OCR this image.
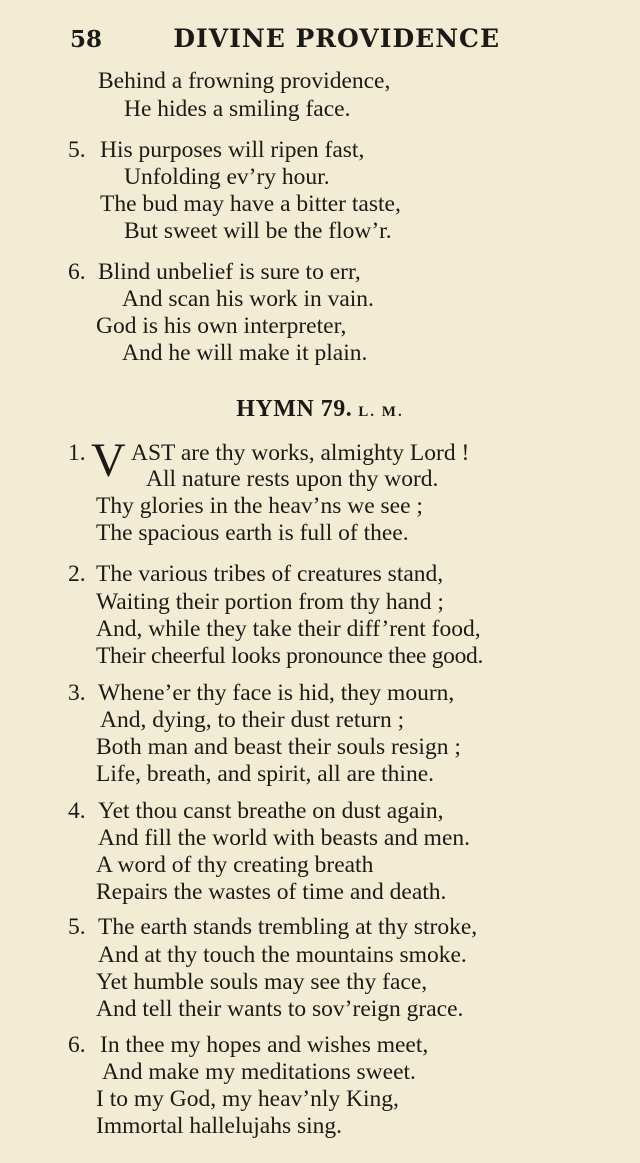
58	DIVINE PROVIDENCE
Behind a frowning providence,
He hides a smiling face.
5. His purposes will ripen fast,
Unfolding ev’ry hour.
The bud may have a bitter taste,
But sweet will be the flow’r.
6. Blind unbelief is sure to err,
And scan his work in vain.
God is his own interpreter,
And he will make it plain.
HYMN 79. L. M.
1. V AST are thy works, almighty Lord !
All nature rests upon thy word.
Thy glories in the heav’ns we see ;
The spacious earth is full of thee.
2. The various tribes of creatures stand,
Waiting their portion from thy hand ;
And, while they take their diff’rent food,
Their cheerful looks pronounce thee good.
3. Whene’er thy face is hid, they mourn,
And, dying, to their dust return ;
Both man and beast their souls resign ;
Life, breath, and spirit, all are thine.
4. Yet thou canst breathe on dust again,
And fill the world with beasts and men.
A word of thy creating breath
Repairs the wastes of time and death.
5. The earth stands trembling at thy stroke,
And at thy touch the mountains smoke.
Yet humble souls may see thy face,
And tell their wants to sov’reign grace.
6. In thee my hopes and wishes meet,
And make my meditations sweet.
I to my God, my heav’nly King,
Immortal hallelujahs sing.
